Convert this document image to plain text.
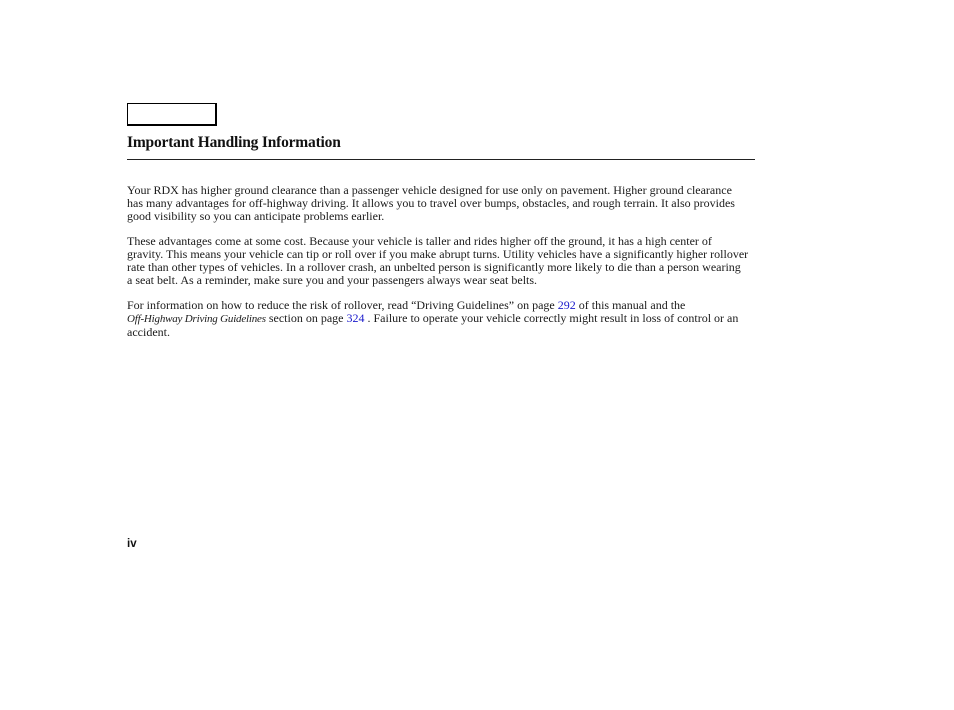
Important Handling Information

Your RDX has higher ground clearance than a passenger vehicle designed for use only on pavement. Higher ground clearance has many advantages for off-highway driving. It allows you to travel over bumps, obstacles, and rough terrain. It also provides good visibility so you can anticipate problems earlier.

These advantages come at some cost. Because your vehicle is taller and rides higher off the ground, it has a high center of gravity. This means your vehicle can tip or roll over if you make abrupt turns. Utility vehicles have a significantly higher rollover rate than other types of vehicles. In a rollover crash, an unbelted person is significantly more likely to die than a person wearing a seat belt. As a reminder, make sure you and your passengers always wear seat belts.

For information on how to reduce the risk of rollover, read “Driving Guidelines” on page 292 of this manual and the
Off-Highway Driving Guidelines section on page 324 . Failure to operate your vehicle correctly might result in loss of control or an accident.

iv
